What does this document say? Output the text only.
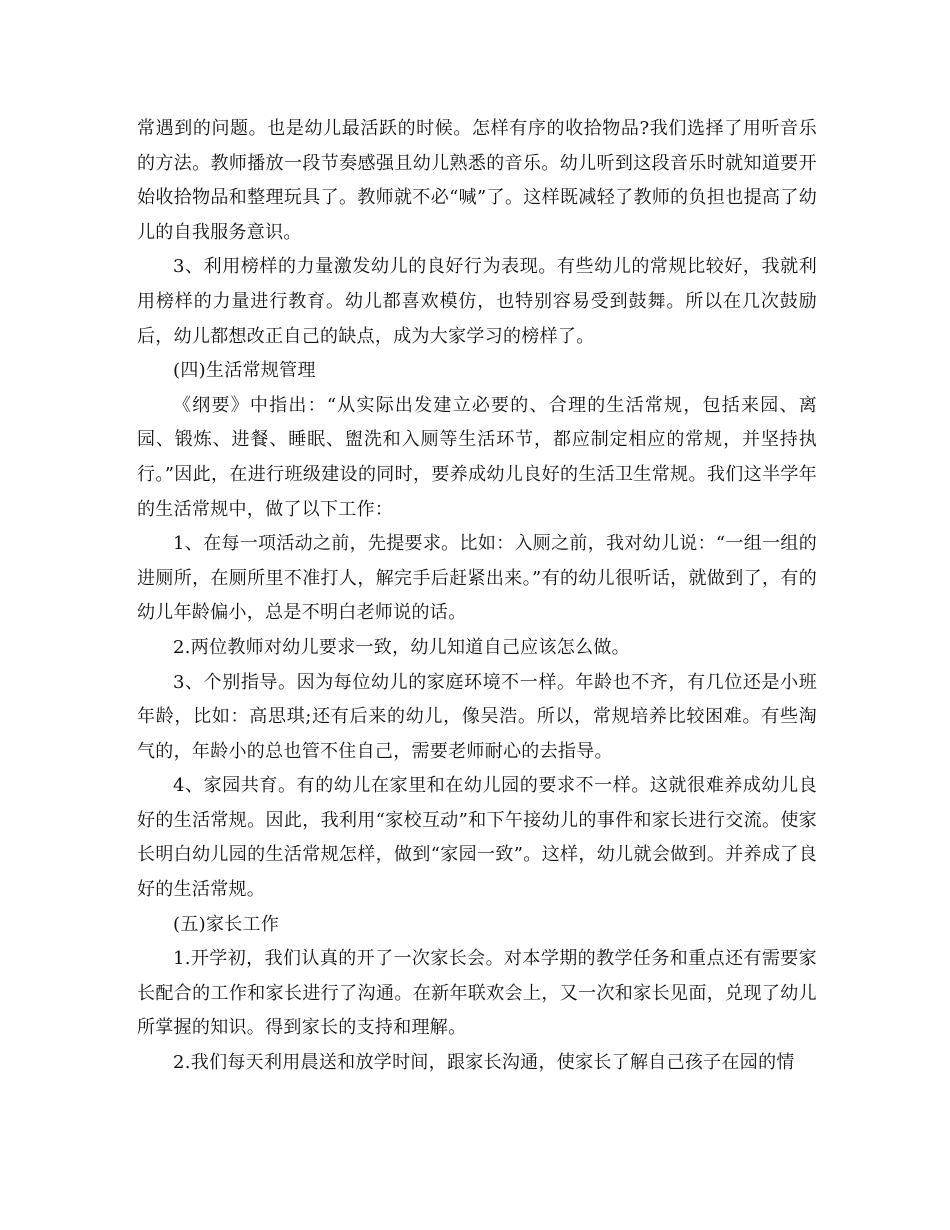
常遇到的问题。也是幼儿最活跃的时候。怎样有序的收拾物品?我们选择了用听音乐的方法。教师播放一段节奏感强且幼儿熟悉的音乐。幼儿听到这段音乐时就知道要开始收拾物品和整理玩具了。教师就不必“喊”了。这样既减轻了教师的负担也提高了幼儿的自我服务意识。

3、利用榜样的力量激发幼儿的良好行为表现。有些幼儿的常规比较好，我就利用榜样的力量进行教育。幼儿都喜欢模仿，也特别容易受到鼓舞。所以在几次鼓励后，幼儿都想改正自己的缺点，成为大家学习的榜样了。

(四)生活常规管理

《纲要》中指出：“从实际出发建立必要的、合理的生活常规，包括来园、离园、锻炼、进餐、睡眠、盥洗和入厕等生活环节，都应制定相应的常规，并坚持执行。”因此，在进行班级建设的同时，要养成幼儿良好的生活卫生常规。我们这半学年的生活常规中，做了以下工作：

1、在每一项活动之前，先提要求。比如：入厕之前，我对幼儿说：“一组一组的进厕所，在厕所里不准打人，解完手后赶紧出来。”有的幼儿很听话，就做到了，有的幼儿年龄偏小，总是不明白老师说的话。

2.两位教师对幼儿要求一致，幼儿知道自己应该怎么做。

3、个别指导。因为每位幼儿的家庭环境不一样。年龄也不齐，有几位还是小班年龄，比如：高思琪;还有后来的幼儿，像吴浩。所以，常规培养比较困难。有些淘气的，年龄小的总也管不住自己，需要老师耐心的去指导。

4、家园共育。有的幼儿在家里和在幼儿园的要求不一样。这就很难养成幼儿良好的生活常规。因此，我利用“家校互动”和下午接幼儿的事件和家长进行交流。使家长明白幼儿园的生活常规怎样，做到“家园一致”。这样，幼儿就会做到。并养成了良好的生活常规。

(五)家长工作

1.开学初，我们认真的开了一次家长会。对本学期的教学任务和重点还有需要家长配合的工作和家长进行了沟通。在新年联欢会上，又一次和家长见面，兑现了幼儿所掌握的知识。得到家长的支持和理解。

2.我们每天利用晨送和放学时间，跟家长沟通，使家长了解自己孩子在园的情
